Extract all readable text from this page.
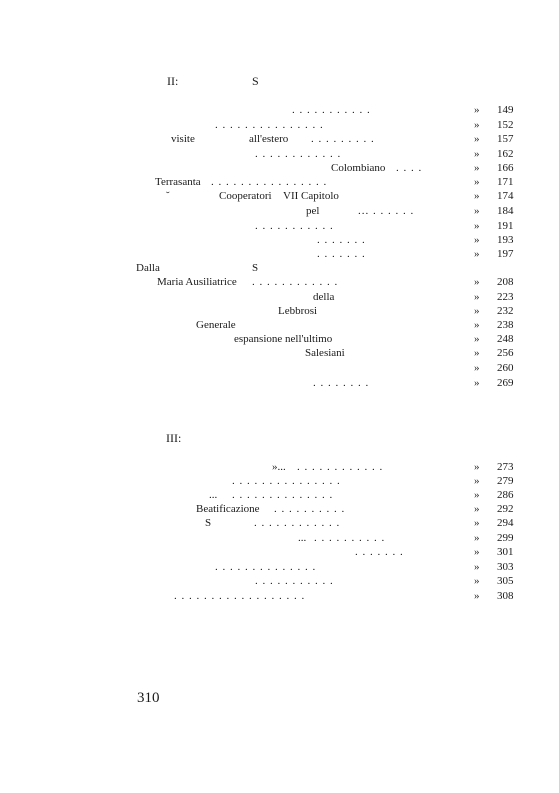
II:	S
. . . . . . . . . . .	» 149
. . . . . . . . . . . . . . .	» 152
visite	all'estero . . . . . . . . .	» 157
. . . . . . . . . . . .	» 162
Colombiano . . . .	» 166
Terrasanta . . . . . . . . . . . . . . . .	» 171
˘	Cooperatori VII Capitolo	» 174
pel	... . . . . . .	» 184
. . . . . . . . . . .	» 191
. . . . . . .	» 193
. . . . . . .	» 197
Dalla	S
Maria Ausiliatrice . . . . . . . . . . . .	» 208
della	» 223
Lebbrosi	» 232
Generale	» 238
espansione nell'ultimo	» 248
Salesiani	» 256
» 260
. . . . . . . .	» 269
III:
»... . . . . . . . . . . . .	» 273
. . . . . . . . . . . . . . .	» 279
... . . . . . . . . . . . . . .	» 286
Beatificazione . . . . . . . . . .	» 292
S	. . . . . . . . . . . .	» 294
... . . . . . . . . . .	» 299
. . . . . . .	» 301
. . . . . . . . . . . . . .	» 303
. . . . . . . . . . .	» 305
. . . . . . . . . . . . . . . . . .	» 308
310
